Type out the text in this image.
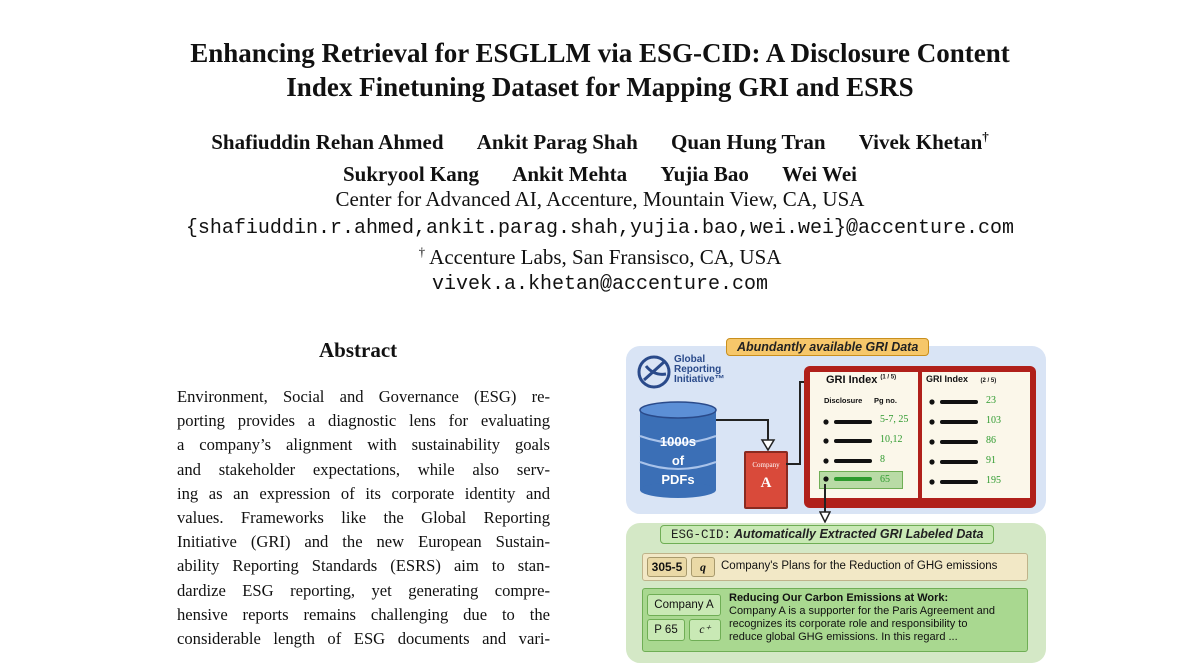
Enhancing Retrieval for ESGLLM via ESG-CID: A Disclosure Content
Index Finetuning Dataset for Mapping GRI and ESRS
Shafiuddin Rehan Ahmed Ankit Parag Shah Quan Hung Tran Vivek Khetan†
Sukryool Kang Ankit Mehta Yujia Bao Wei Wei
Center for Advanced AI, Accenture, Mountain View, CA, USA
{shafiuddin.r.ahmed,ankit.parag.shah,yujia.bao,wei.wei}@accenture.com
† Accenture Labs, San Fransisco, CA, USA
vivek.a.khetan@accenture.com
Abstract
Environment, Social and Governance (ESG) re-
porting provides a diagnostic lens for evaluating
a company’s alignment with sustainability goals
and stakeholder expectations, while also serv-
ing as an expression of its corporate identity and
values. Frameworks like the Global Reporting
Initiative (GRI) and the new European Sustain-
ability Reporting Standards (ESRS) aim to stan-
dardize ESG reporting, yet generating compre-
hensive reports remains challenging due to the
considerable length of ESG documents and vari-
Abundantly available GRI Data
Global
Reporting
Initiative™
1000s
of
PDFs
Company
A
GRI Index $^{(1 / 5)}$
Disclosure Pg no.
5-7, 25
10,12
8
65
GRI Index (2 / 5)
23
103
86
91
195
ESG-CID: Automatically Extracted GRI Labeled Data
305-5	q	Company's Plans for the Reduction of GHG emissions
Company A
P 65	c⁺
Reducing Our Carbon Emissions at Work:
Company A is a supporter for the Paris Agreement and
recognizes its corporate role and responsibility to
reduce global GHG emissions. In this regard ...
